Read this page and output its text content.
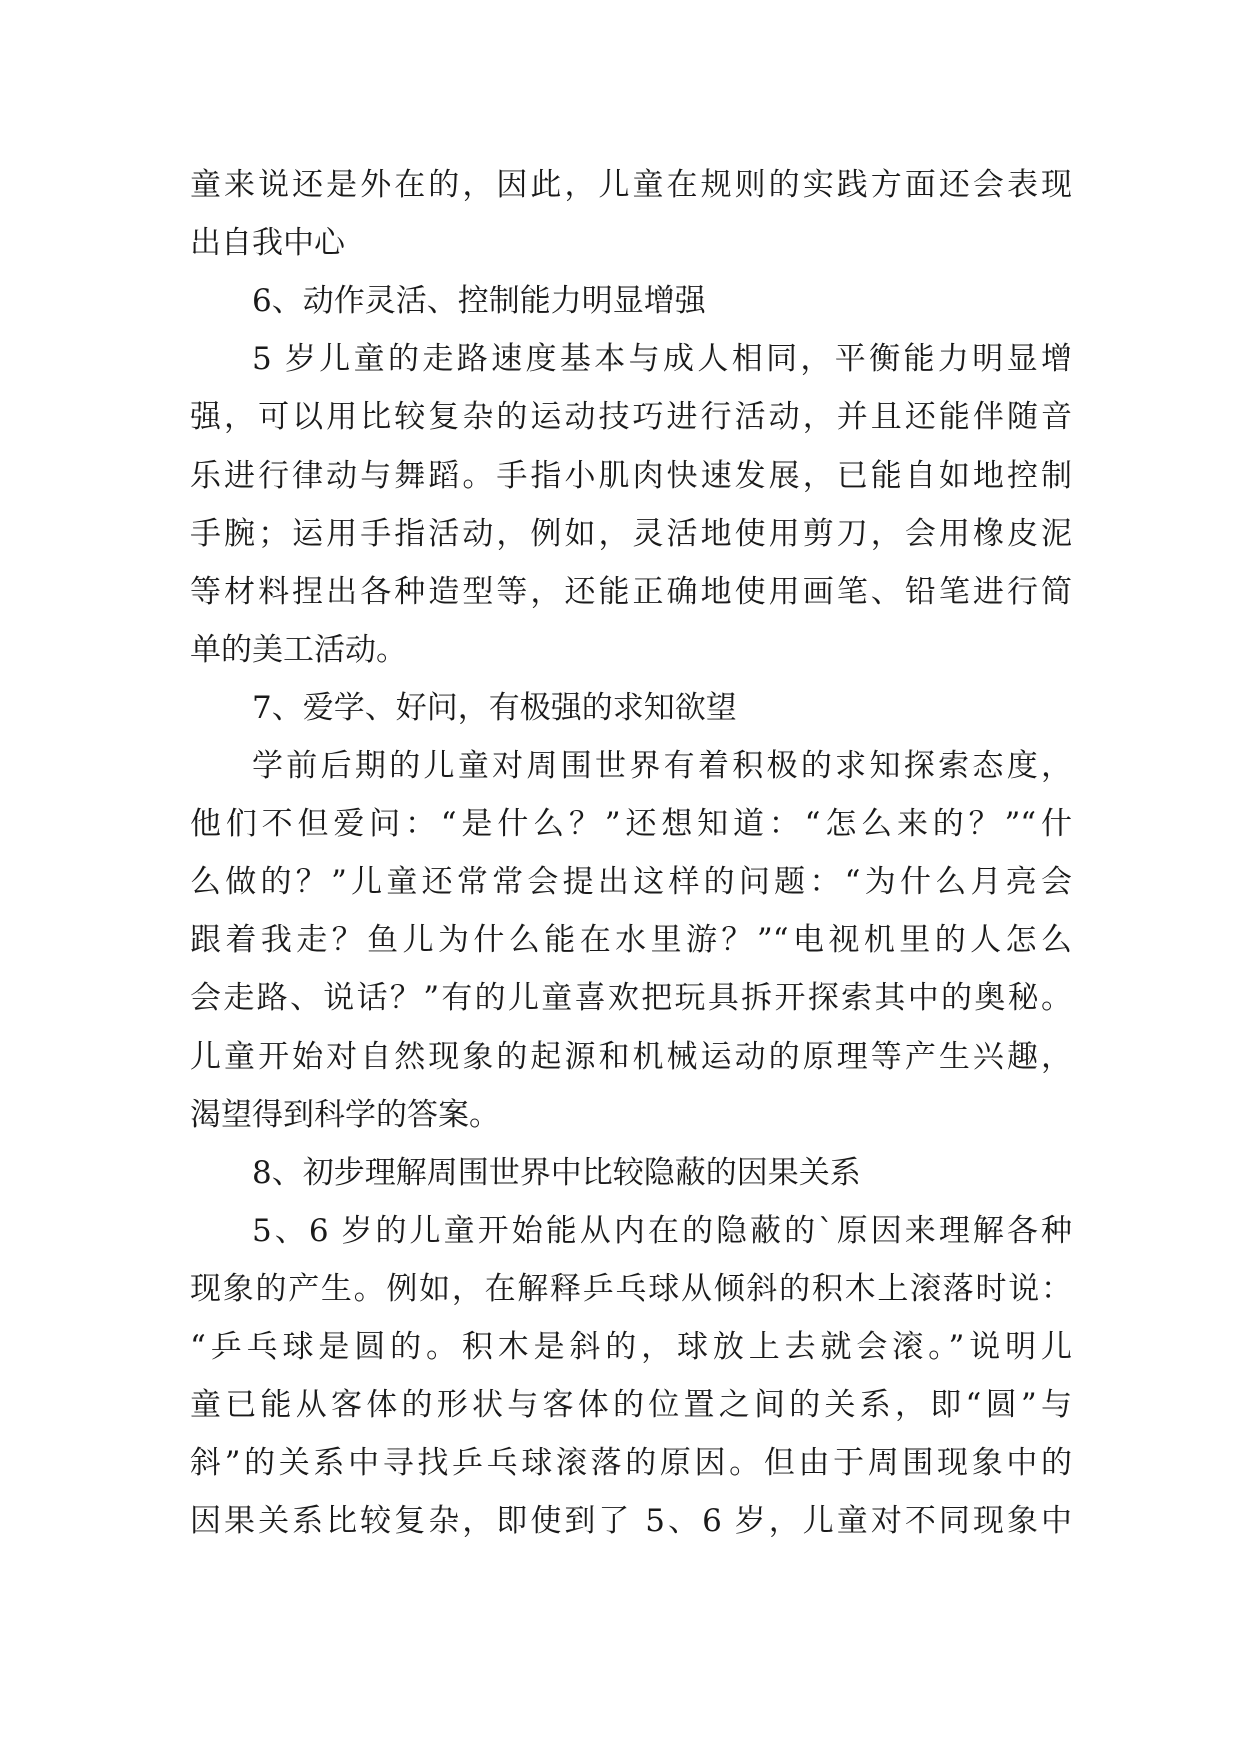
童来说还是外在的，因此，儿童在规则的实践方面还会表现
出自我中心
6、动作灵活、控制能力明显增强
5 岁儿童的走路速度基本与成人相同，平衡能力明显增
强，可以用比较复杂的运动技巧进行活动，并且还能伴随音
乐进行律动与舞蹈。手指小肌肉快速发展，已能自如地控制
手腕；运用手指活动，例如，灵活地使用剪刀，会用橡皮泥
等材料捏出各种造型等，还能正确地使用画笔、铅笔进行简
单的美工活动。
7、爱学、好问，有极强的求知欲望
学前后期的儿童对周围世界有着积极的求知探索态度，
他们不但爱问：“是什么？”还想知道：“怎么来的？”“什
么做的？”儿童还常常会提出这样的问题：“为什么月亮会
跟着我走？鱼儿为什么能在水里游？”“电视机里的人怎么
会走路、说话？”有的儿童喜欢把玩具拆开探索其中的奥秘。
儿童开始对自然现象的起源和机械运动的原理等产生兴趣，
渴望得到科学的答案。
8、初步理解周围世界中比较隐蔽的因果关系
5、6 岁的儿童开始能从内在的隐蔽的`原因来理解各种
现象的产生。例如，在解释乒乓球从倾斜的积木上滚落时说：
“乒乓球是圆的。积木是斜的，球放上去就会滚。”说明儿
童已能从客体的形状与客体的位置之间的关系，即“圆”与
斜”的关系中寻找乒乓球滚落的原因。但由于周围现象中的
因果关系比较复杂，即使到了 5、6 岁，儿童对不同现象中
